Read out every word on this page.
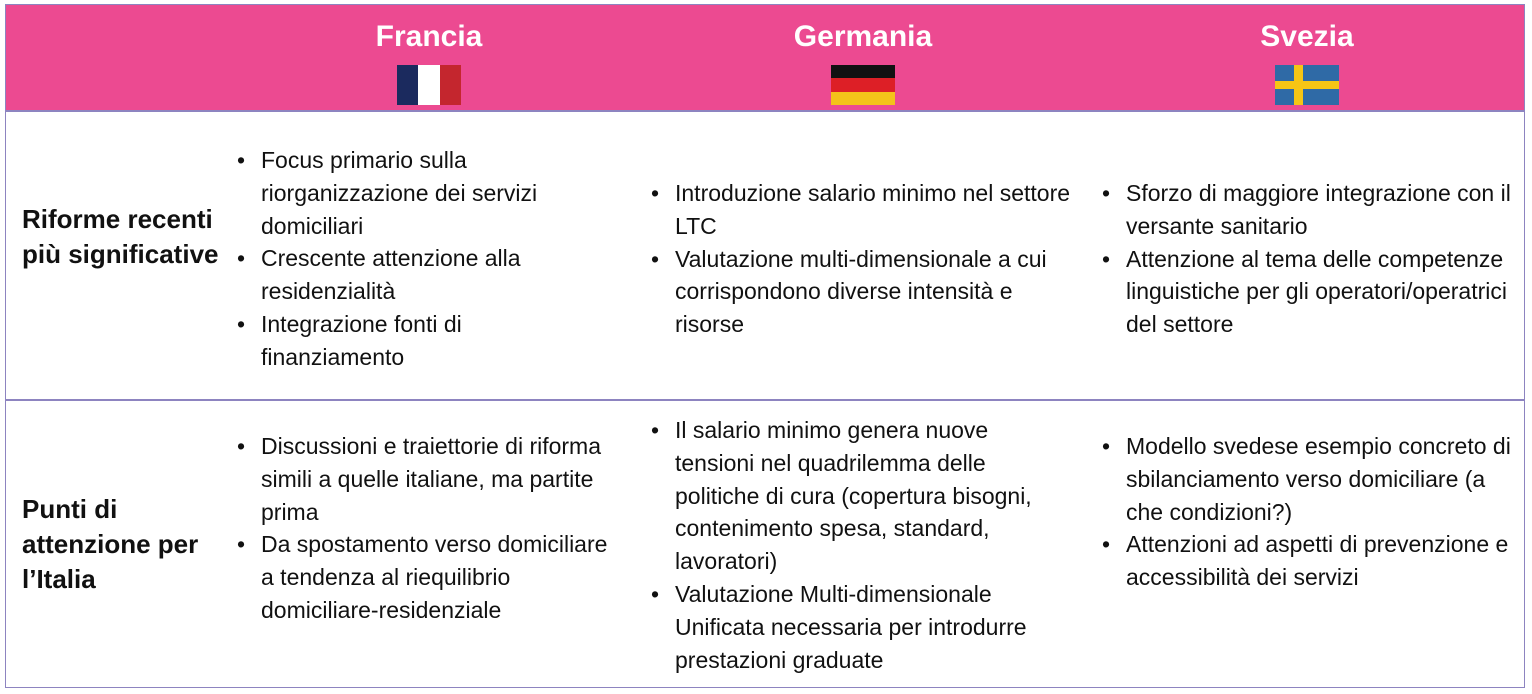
Francia	Germania	Svezia
Riforme recenti più significative
• Focus primario sulla riorganizzazione dei servizi domiciliari
• Crescente attenzione alla residenzialità
• Integrazione fonti di finanziamento
• Introduzione salario minimo nel settore LTC
• Valutazione multi-dimensionale a cui corrispondono diverse intensità e risorse
• Sforzo di maggiore integrazione con il versante sanitario
• Attenzione al tema delle competenze linguistiche per gli operatori/operatrici del settore
Punti di attenzione per l’Italia
• Discussioni e traiettorie di riforma simili a quelle italiane, ma partite prima
• Da spostamento verso domiciliare a tendenza al riequilibrio domiciliare-residenziale
• Il salario minimo genera nuove tensioni nel quadrilemma delle politiche di cura (copertura bisogni, contenimento spesa, standard, lavoratori)
• Valutazione Multi-dimensionale Unificata necessaria per introdurre prestazioni graduate
• Modello svedese esempio concreto di sbilanciamento verso domiciliare (a che condizioni?)
• Attenzioni ad aspetti di prevenzione e accessibilità dei servizi
